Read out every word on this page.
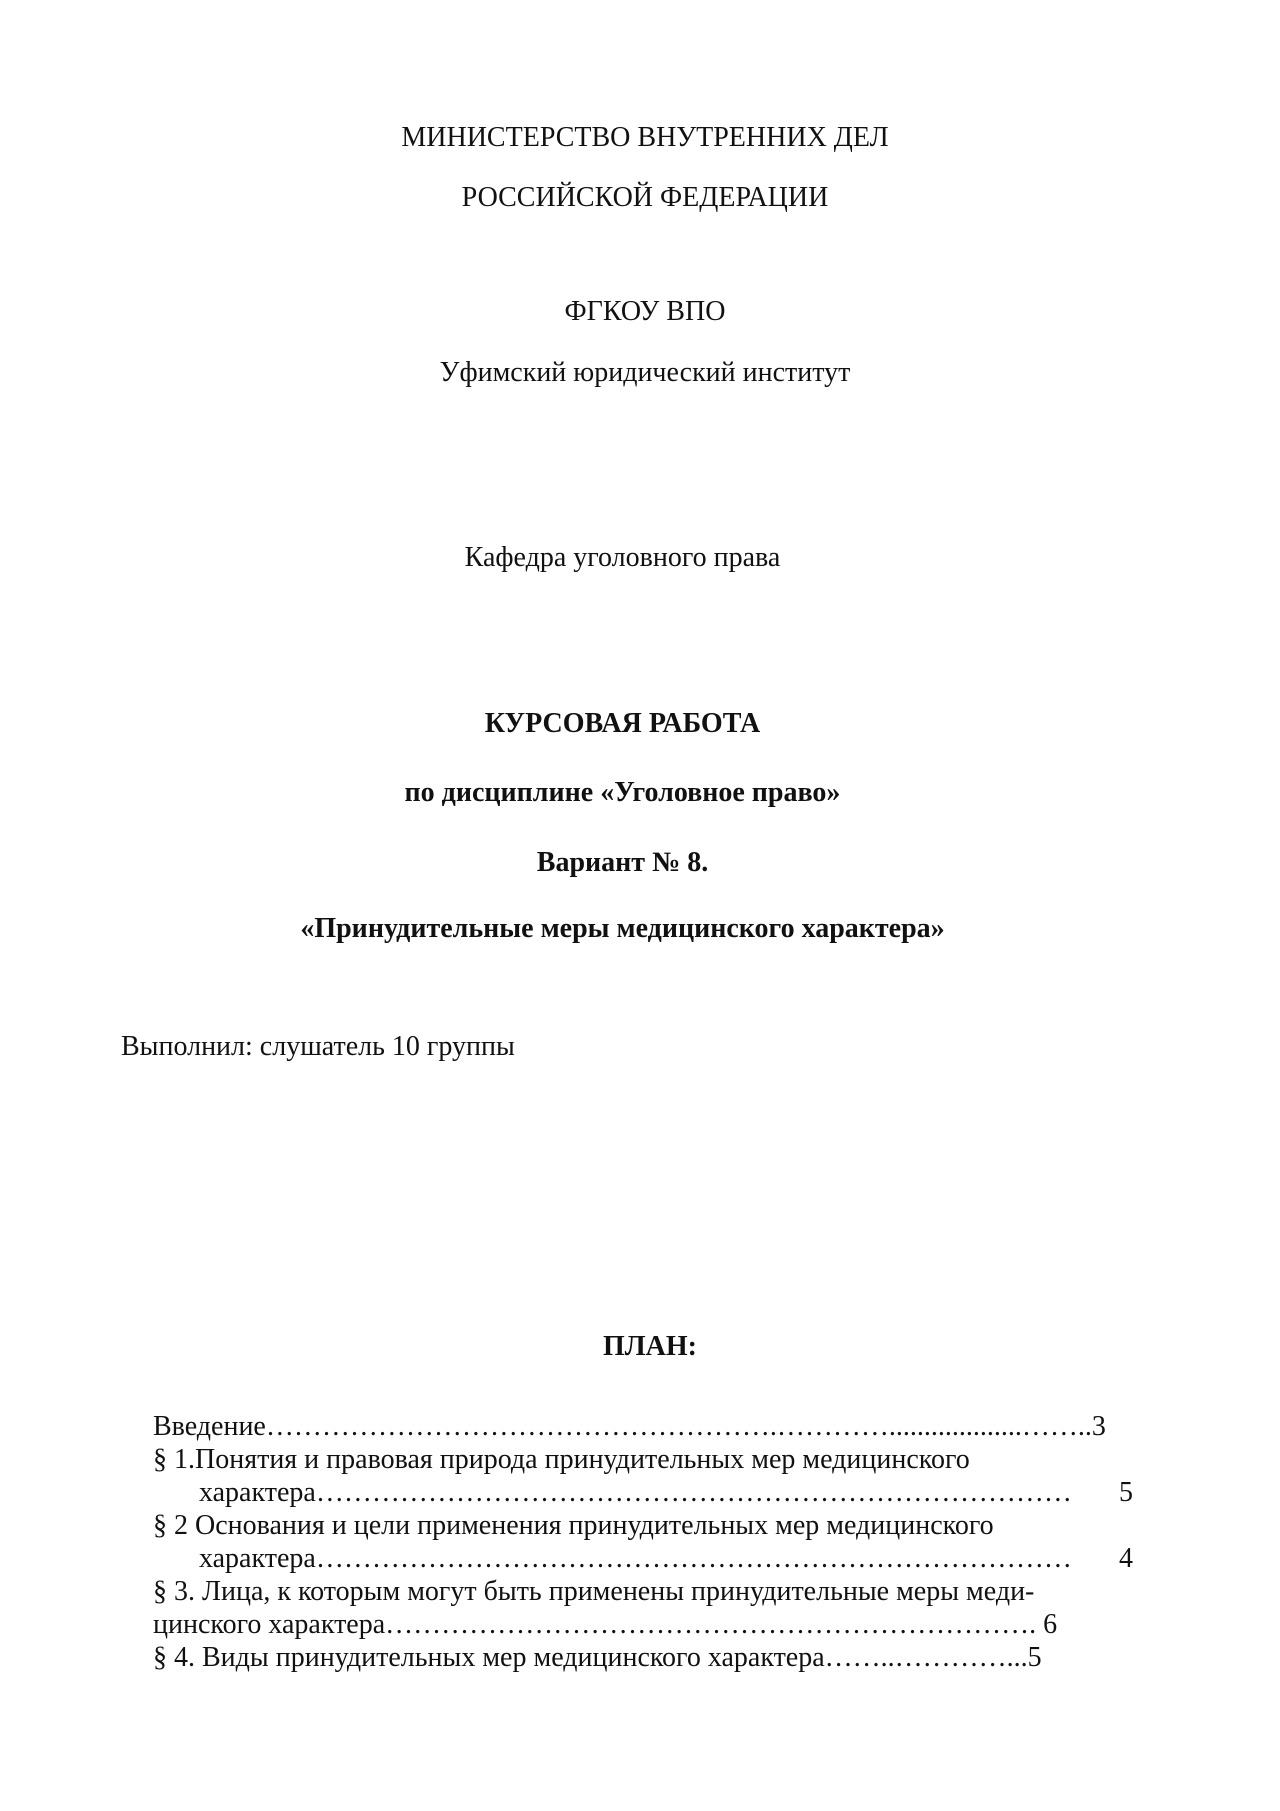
МИНИСТЕРСТВО ВНУТРЕННИХ ДЕЛ
РОССИЙСКОЙ ФЕДЕРАЦИИ
ФГКОУ ВПО
Уфимский юридический институт
Кафедра уголовного права
КУРСОВАЯ РАБОТА
по дисциплине «Уголовное право»
Вариант № 8.
«Принудительные меры медицинского характера»
Выполнил: слушатель 10 группы
ПЛАН:
Введение……………………………………………….…………...................……..3
§ 1.Понятия и правовая природа принудительных мер медицинского
характера……………………………………………………………………… 5
§ 2 Основания и цели применения принудительных мер медицинского
характера……………………………………………………………………… 4
§ 3. Лица, к которым могут быть применены принудительные меры меди-
цинского характера……………………………………………………………. 6
§ 4. Виды принудительных мер медицинского характера……..…………...5
